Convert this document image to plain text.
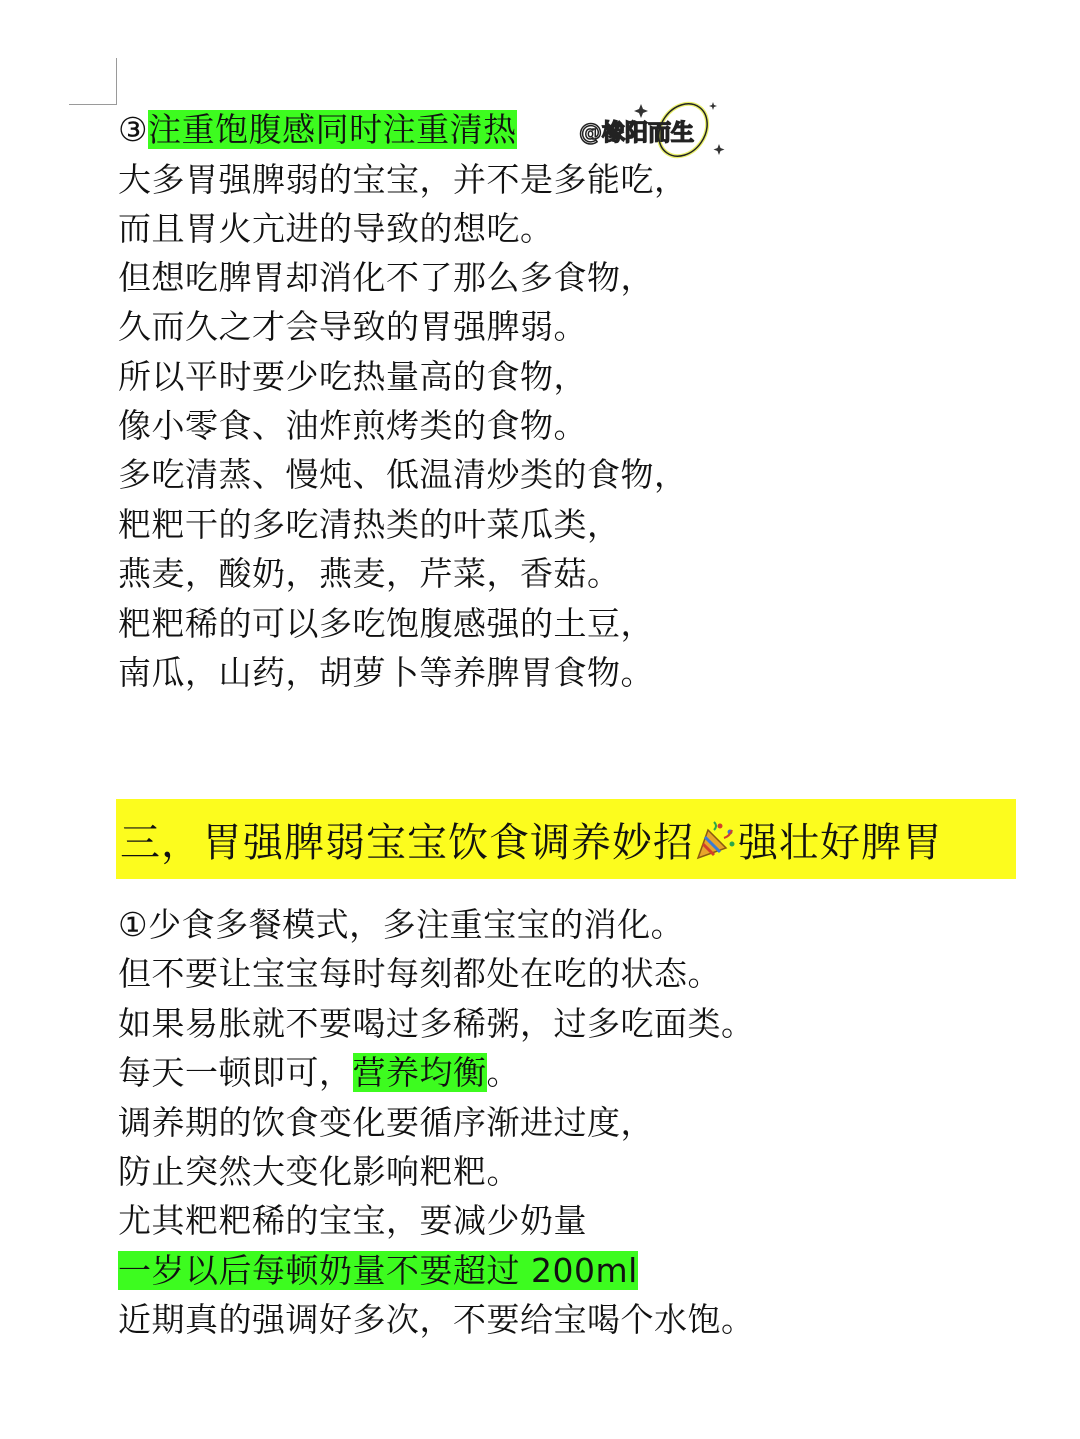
③注重饱腹感同时注重清热	@橡阳而生
大多胃强脾弱的宝宝，并不是多能吃，
而且胃火亢进的导致的想吃。
但想吃脾胃却消化不了那么多食物，
久而久之才会导致的胃强脾弱。
所以平时要少吃热量高的食物，
像小零食、油炸煎烤类的食物。
多吃清蒸、慢炖、低温清炒类的食物，
粑粑干的多吃清热类的叶菜瓜类，
燕麦，酸奶，燕麦，芹菜，香菇。
粑粑稀的可以多吃饱腹感强的土豆，
南瓜，山药，胡萝卜等养脾胃食物。
三，胃强脾弱宝宝饮食调养妙招 强壮好脾胃
①少食多餐模式，多注重宝宝的消化。
但不要让宝宝每时每刻都处在吃的状态。
如果易胀就不要喝过多稀粥，过多吃面类。
每天一顿即可，营养均衡。
调养期的饮食变化要循序渐进过度，
防止突然大变化影响粑粑。
尤其粑粑稀的宝宝，要减少奶量
一岁以后每顿奶量不要超过 200ml
近期真的强调好多次，不要给宝喝个水饱。
